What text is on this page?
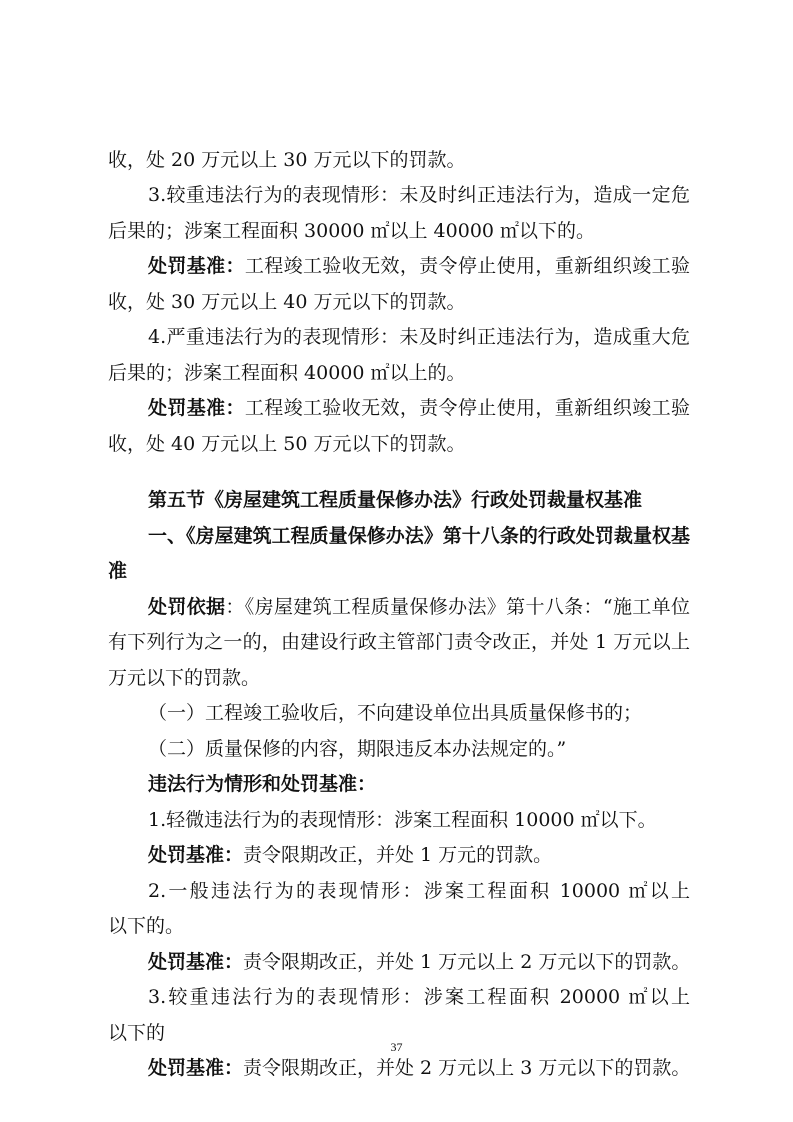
收，处 20 万元以上 30 万元以下的罚款。
3.较重违法行为的表现情形：未及时纠正违法行为，造成一定危
后果的；涉案工程面积 30000 ㎡以上 40000 ㎡以下的。
处罚基准：工程竣工验收无效，责令停止使用，重新组织竣工验
收，处 30 万元以上 40 万元以下的罚款。
4.严重违法行为的表现情形：未及时纠正违法行为，造成重大危
后果的；涉案工程面积 40000 ㎡以上的。
处罚基准：工程竣工验收无效，责令停止使用，重新组织竣工验
收，处 40 万元以上 50 万元以下的罚款。
第五节《房屋建筑工程质量保修办法》行政处罚裁量权基准
一、《房屋建筑工程质量保修办法》第十八条的行政处罚裁量权基
准
处罚依据：《房屋建筑工程质量保修办法》第十八条：“施工单位
有下列行为之一的，由建设行政主管部门责令改正，并处 1 万元以上
万元以下的罚款。
（一）工程竣工验收后，不向建设单位出具质量保修书的；
（二）质量保修的内容，期限违反本办法规定的。”
违法行为情形和处罚基准：
1.轻微违法行为的表现情形：涉案工程面积 10000 ㎡以下。
处罚基准：责令限期改正，并处 1 万元的罚款。
2.一般违法行为的表现情形：涉案工程面积 10000 ㎡以上
以下的。
处罚基准：责令限期改正，并处 1 万元以上 2 万元以下的罚款。
3.较重违法行为的表现情形：涉案工程面积 20000 ㎡以上
以下的
处罚基准：责令限期改正，并处 2 万元以上 3 万元以下的罚款。
37
